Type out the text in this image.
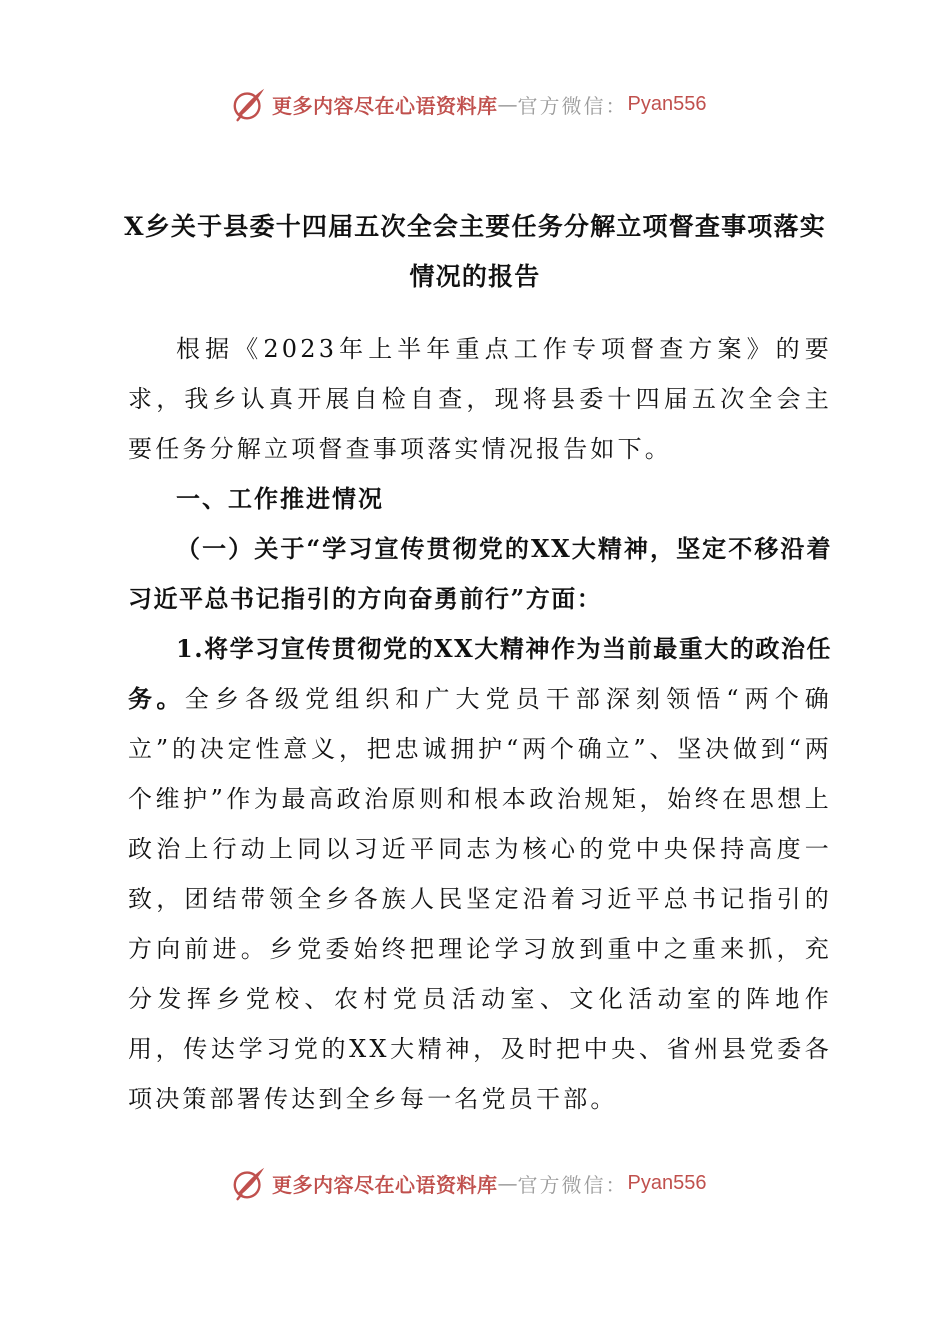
更多内容尽在心语资料库 — 官方微信： Pyan556
X乡关于县委十四届五次全会主要任务分解立项督查事项落实
情况的报告

根据《2023年上半年重点工作专项督查方案》的要求，我乡认真开展自检自查，现将县委十四届五次全会主要任务分解立项督查事项落实情况报告如下。

一、工作推进情况

（一）关于“学习宣传贯彻党的XX大精神，坚定不移沿着习近平总书记指引的方向奋勇前行”方面：

1.将学习宣传贯彻党的XX大精神作为当前最重大的政治任务。全乡各级党组织和广大党员干部深刻领悟“两个确立”的决定性意义，把忠诚拥护“两个确立”、坚决做到“两个维护”作为最高政治原则和根本政治规矩，始终在思想上政治上行动上同以习近平同志为核心的党中央保持高度一致，团结带领全乡各族人民坚定沿着习近平总书记指引的方向前进。乡党委始终把理论学习放到重中之重来抓，充分发挥乡党校、农村党员活动室、文化活动室的阵地作用，传达学习党的XX大精神，及时把中央、省州县党委各项决策部署传达到全乡每一名党员干部。

更多内容尽在心语资料库 — 官方微信： Pyan556
